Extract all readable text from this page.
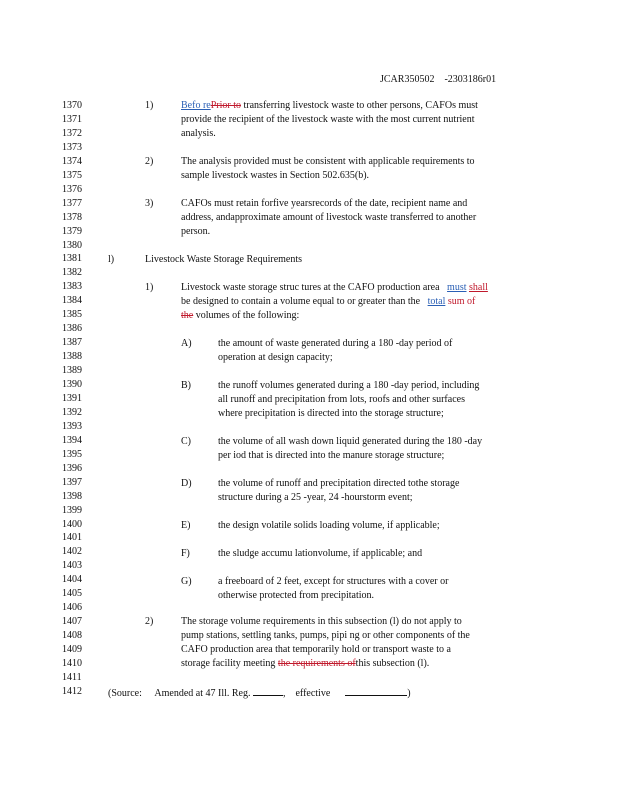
JCAR350502 -2303186r01
1370
1371
1372
1373
1374
1375
1376
1377
1378
1379
1380
1381
1382
1383
1384
1385
1386
1387
1388
1389
1390
1391
1392
1393
1394
1395
1396
1397
1398
1399
1400
1401
1402
1403
1404
1405
1406
1407
1408
1409
1410
1411
1412
1)	Befo rePrior to transferring livestock waste to other persons, CAFOs must
provide the recipient of the livestock waste with the most current nutrient
analysis.
2)	The analysis provided must be consistent with applicable requirements to
sample livestock wastes in Section 502.635(b).
3)	CAFOs must retain forfive yearsrecords of the date, recipient name and
address, andapproximate amount of livestock waste transferred to another
person.
l)	Livestock Waste Storage Requirements
1)	Livestock waste storage struc tures at the CAFO production area must shall
be designed to contain a volume equal to or greater than the total sum of
the volumes of the following:
A)	the amount of waste generated during a 180 -day period of
operation at design capacity;
B)	the runoff volumes generated during a 180 -day period, including
all runoff and precipitation from lots, roofs and other surfaces
where precipitation is directed into the storage structure;
C)	the volume of all wash down liquid generated during the 180 -day
per iod that is directed into the manure storage structure;
D)	the volume of runoff and precipitation directed tothe storage
structure during a 25 -year, 24 -hourstorm event;
E)	the design volatile solids loading volume, if applicable;
F)	the sludge accumu lationvolume, if applicable; and
G)	a freeboard of 2 feet, except for structures with a cover or
otherwise protected from precipitation.
2)	The storage volume requirements in this subsection (l) do not apply to
pump stations, settling tanks, pumps, pipi ng or other components of the
CAFO production area that temporarily hold or transport waste to a
storage facility meeting the requirements ofthis subsection (l).
(Source: Amended at 47 Ill. Reg.	, effective	)
